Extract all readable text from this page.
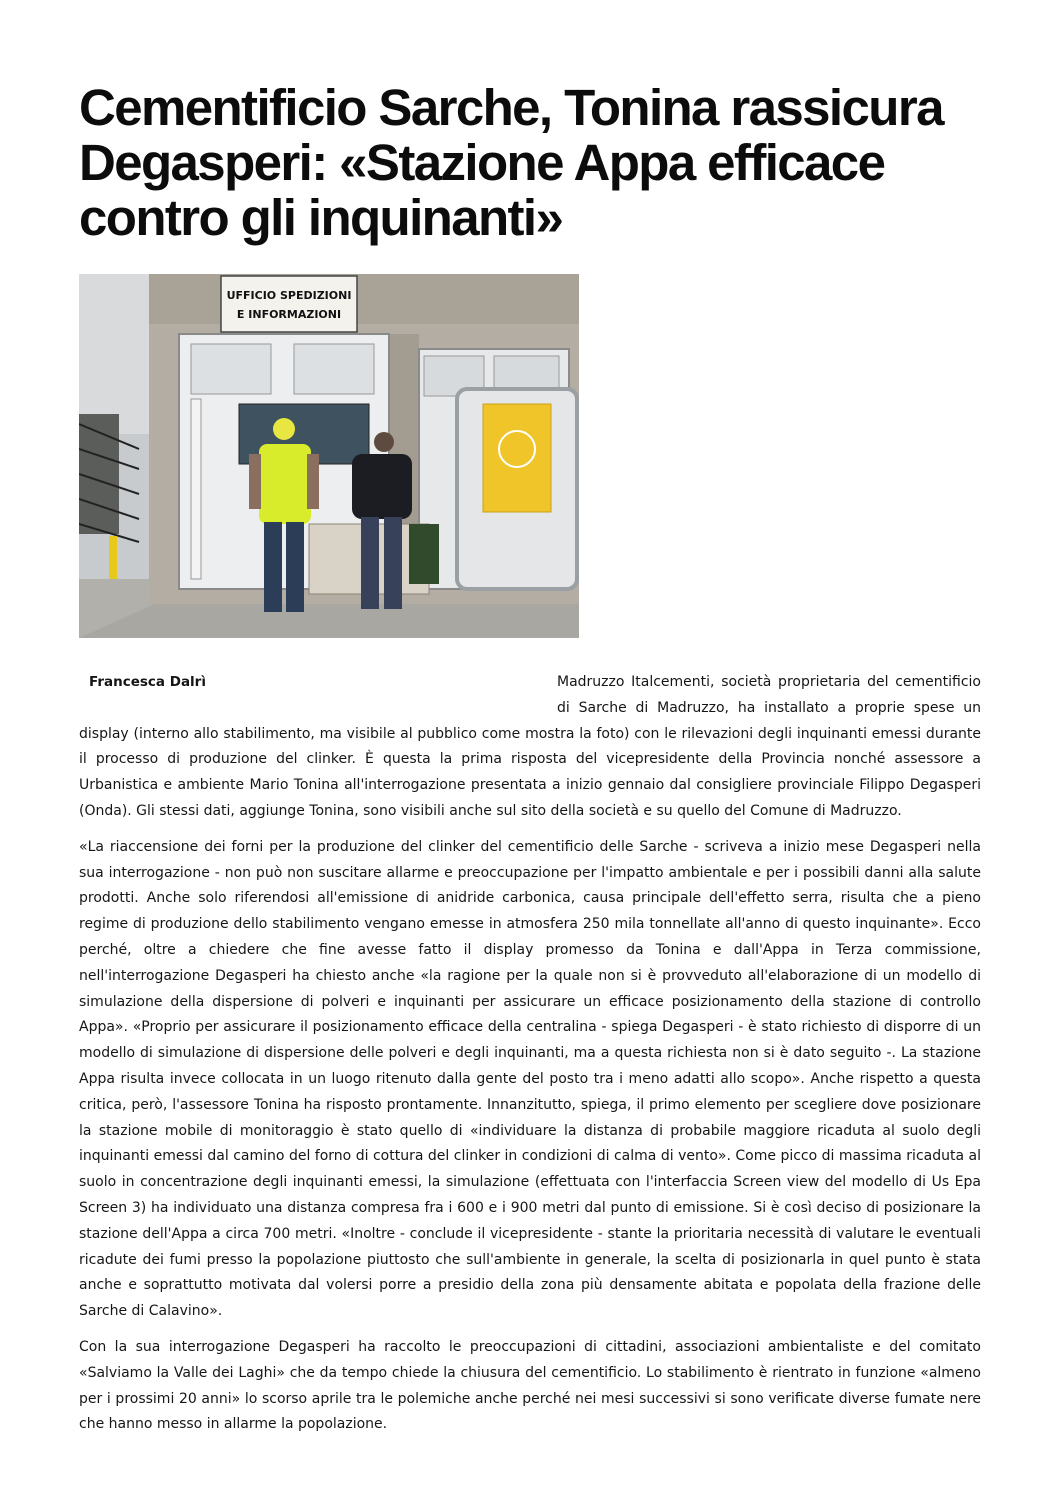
Cementificio Sarche, Tonina rassicura Degasperi: «Stazione Appa efficace contro gli inquinanti»
UFFICIO SPEDIZIONI
E INFORMAZIONI
Francesca Dalrì	Madruzzo Italcementi, società proprietaria del cementificio di Sarche di Madruzzo, ha installato a proprie spese un display (interno allo stabilimento, ma visibile al pubblico come mostra la foto) con le rilevazioni degli inquinanti emessi durante il processo di produzione del clinker. È questa la prima risposta del vicepresidente della Provincia nonché assessore a Urbanistica e ambiente Mario Tonina all'interrogazione presentata a inizio gennaio dal consigliere provinciale Filippo Degasperi (Onda). Gli stessi dati, aggiunge Tonina, sono visibili anche sul sito della società e su quello del Comune di Madruzzo.

«La riaccensione dei forni per la produzione del clinker del cementificio delle Sarche - scriveva a inizio mese Degasperi nella sua interrogazione - non può non suscitare allarme e preoccupazione per l'impatto ambientale e per i possibili danni alla salute prodotti. Anche solo riferendosi all'emissione di anidride carbonica, causa principale dell'effetto serra, risulta che a pieno regime di produzione dello stabilimento vengano emesse in atmosfera 250 mila tonnellate all'anno di questo inquinante». Ecco perché, oltre a chiedere che fine avesse fatto il display promesso da Tonina e dall'Appa in Terza commissione, nell'interrogazione Degasperi ha chiesto anche «la ragione per la quale non si è provveduto all'elaborazione di un modello di simulazione della dispersione di polveri e inquinanti per assicurare un efficace posizionamento della stazione di controllo Appa». «Proprio per assicurare il posizionamento efficace della centralina - spiega Degasperi - è stato richiesto di disporre di un modello di simulazione di dispersione delle polveri e degli inquinanti, ma a questa richiesta non si è dato seguito -. La stazione Appa risulta invece collocata in un luogo ritenuto dalla gente del posto tra i meno adatti allo scopo». Anche rispetto a questa critica, però, l'assessore Tonina ha risposto prontamente. Innanzitutto, spiega, il primo elemento per scegliere dove posizionare la stazione mobile di monitoraggio è stato quello di «individuare la distanza di probabile maggiore ricaduta al suolo degli inquinanti emessi dal camino del forno di cottura del clinker in condizioni di calma di vento». Come picco di massima ricaduta al suolo in concentrazione degli inquinanti emessi, la simulazione (effettuata con l'interfaccia Screen view del modello di Us Epa Screen 3) ha individuato una distanza compresa fra i 600 e i 900 metri dal punto di emissione. Si è così deciso di posizionare la stazione dell'Appa a circa 700 metri. «Inoltre - conclude il vicepresidente - stante la prioritaria necessità di valutare le eventuali ricadute dei fumi presso la popolazione piuttosto che sull'ambiente in generale, la scelta di posizionarla in quel punto è stata anche e soprattutto motivata dal volersi porre a presidio della zona più densamente abitata e popolata della frazione delle Sarche di Calavino».

Con la sua interrogazione Degasperi ha raccolto le preoccupazioni di cittadini, associazioni ambientaliste e del comitato «Salviamo la Valle dei Laghi» che da tempo chiede la chiusura del cementificio. Lo stabilimento è rientrato in funzione «almeno per i prossimi 20 anni» lo scorso aprile tra le polemiche anche perché nei mesi successivi si sono verificate diverse fumate nere che hanno messo in allarme la popolazione.
